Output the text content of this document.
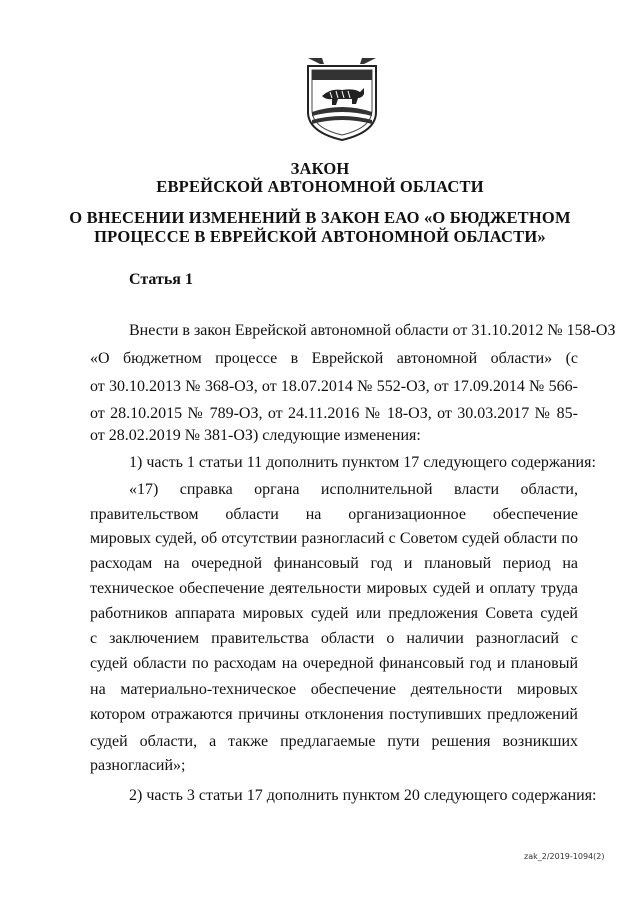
ЗАКОН
ЕВРЕЙСКОЙ АВТОНОМНОЙ ОБЛАСТИ
О ВНЕСЕНИИ ИЗМЕНЕНИЙ В ЗАКОН ЕАО «О БЮДЖЕТНОМ
ПРОЦЕССЕ В ЕВРЕЙСКОЙ АВТОНОМНОЙ ОБЛАСТИ»
Статья 1
Внести в закон Еврейской автономной области от 31.10.2012 № 158-ОЗ
«О бюджетном процессе в Еврейской автономной области» (с
от 30.10.2013 № 368-ОЗ, от 18.07.2014 № 552-ОЗ, от 17.09.2014 № 566-
от 28.10.2015 № 789-ОЗ, от 24.11.2016 № 18-ОЗ, от 30.03.2017 № 85-
от 28.02.2019 № 381-ОЗ) следующие изменения:
1) часть 1 статьи 11 дополнить пунктом 17 следующего содержания:
«17) справка органа исполнительной власти области,
правительством области на организационное обеспечение
мировых судей, об отсутствии разногласий с Советом судей области по
расходам на очередной финансовый год и плановый период на
техническое обеспечение деятельности мировых судей и оплату труда
работников аппарата мировых судей или предложения Совета судей
с заключением правительства области о наличии разногласий с
судей области по расходам на очередной финансовый год и плановый
на материально-техническое обеспечение деятельности мировых
котором отражаются причины отклонения поступивших предложений
судей области, а также предлагаемые пути решения возникших
разногласий»;
2) часть 3 статьи 17 дополнить пунктом 20 следующего содержания:
zak_2/2019-1094(2)
